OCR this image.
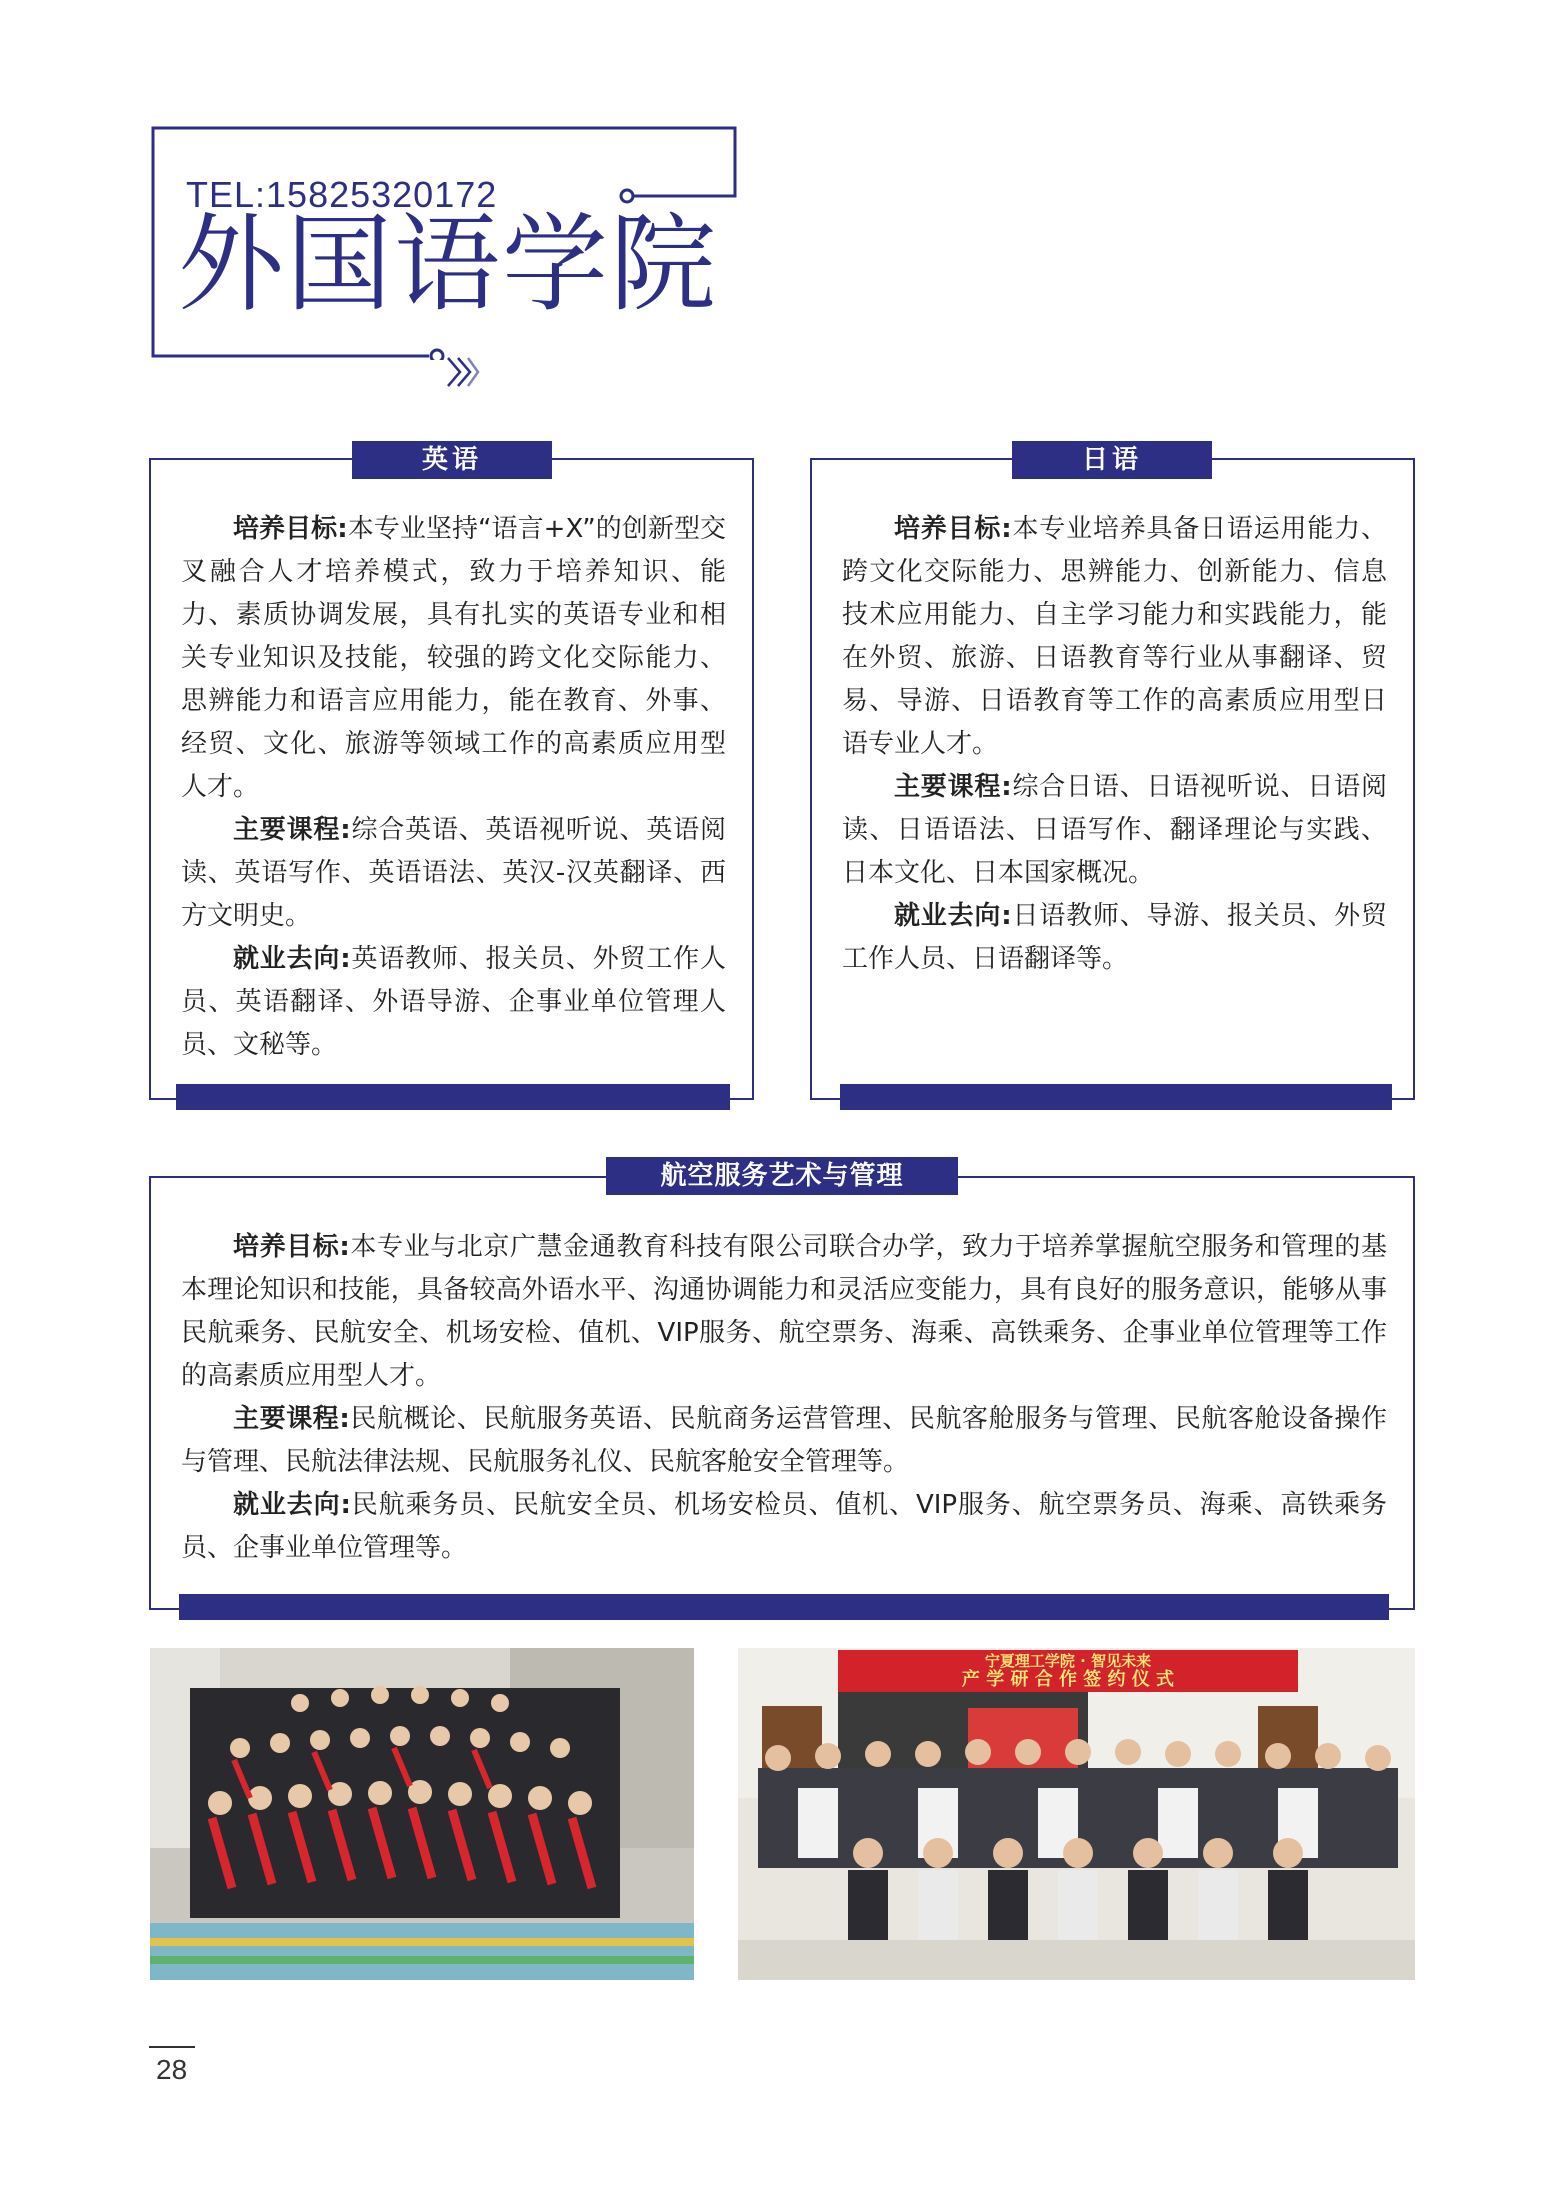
TEL:15825320172
外国语学院
英语

培养目标:本专业坚持“语言+X”的创新型交叉融合人才培养模式，致力于培养知识、能力、素质协调发展，具有扎实的英语专业和相关专业知识及技能，较强的跨文化交际能力、思辨能力和语言应用能力，能在教育、外事、经贸、文化、旅游等领域工作的高素质应用型人才。

主要课程:综合英语、英语视听说、英语阅读、英语写作、英语语法、英汉-汉英翻译、西方文明史。

就业去向:英语教师、报关员、外贸工作人员、英语翻译、外语导游、企事业单位管理人员、文秘等。

日语

培养目标:本专业培养具备日语运用能力、跨文化交际能力、思辨能力、创新能力、信息技术应用能力、自主学习能力和实践能力，能在外贸、旅游、日语教育等行业从事翻译、贸易、导游、日语教育等工作的高素质应用型日语专业人才。

主要课程:综合日语、日语视听说、日语阅读、日语语法、日语写作、翻译理论与实践、日本文化、日本国家概况。

就业去向:日语教师、导游、报关员、外贸工作人员、日语翻译等。

航空服务艺术与管理

培养目标:本专业与北京广慧金通教育科技有限公司联合办学，致力于培养掌握航空服务和管理的基本理论知识和技能，具备较高外语水平、沟通协调能力和灵活应变能力，具有良好的服务意识，能够从事民航乘务、民航安全、机场安检、值机、VIP服务、航空票务、海乘、高铁乘务、企事业单位管理等工作的高素质应用型人才。

主要课程:民航概论、民航服务英语、民航商务运营管理、民航客舱服务与管理、民航客舱设备操作与管理、民航法律法规、民航服务礼仪、民航客舱安全管理等。

就业去向:民航乘务员、民航安全员、机场安检员、值机、VIP服务、航空票务员、海乘、高铁乘务员、企事业单位管理等。

宁夏理工学院 · 智见未来
产 学 研 合 作 签 约 仪 式
28
